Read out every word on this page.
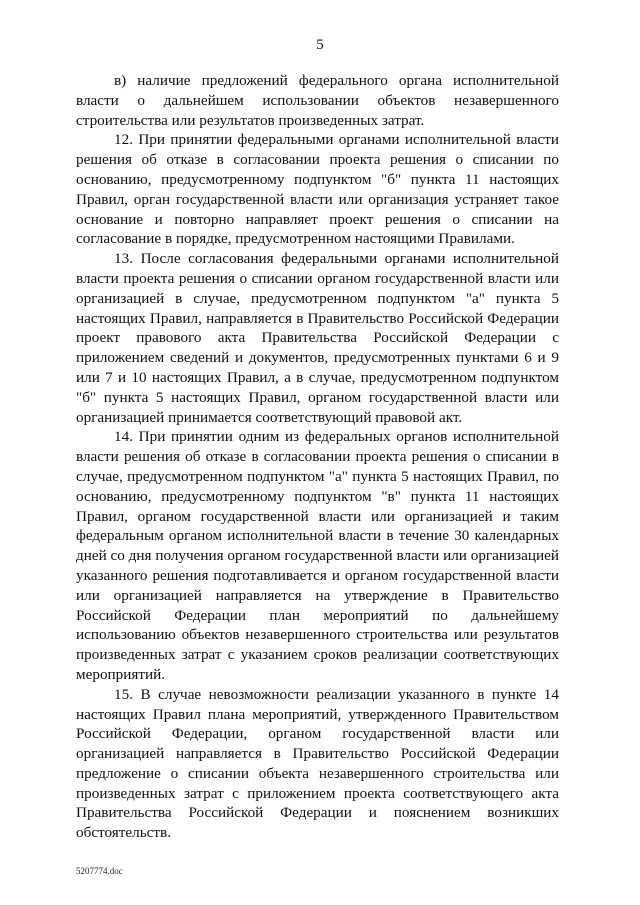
5

в) наличие предложений федерального органа исполнительной власти о дальнейшем использовании объектов незавершенного строительства или результатов произведенных затрат.

12. При принятии федеральными органами исполнительной власти решения об отказе в согласовании проекта решения о списании по основанию, предусмотренному подпунктом "б" пункта 11 настоящих Правил, орган государственной власти или организация устраняет такое основание и повторно направляет проект решения о списании на согласование в порядке, предусмотренном настоящими Правилами.

13. После согласования федеральными органами исполнительной власти проекта решения о списании органом государственной власти или организацией в случае, предусмотренном подпунктом "а" пункта 5 настоящих Правил, направляется в Правительство Российской Федерации проект правового акта Правительства Российской Федерации с приложением сведений и документов, предусмотренных пунктами 6 и 9 или 7 и 10 настоящих Правил, а в случае, предусмотренном подпунктом "б" пункта 5 настоящих Правил, органом государственной власти или организацией принимается соответствующий правовой акт.

14. При принятии одним из федеральных органов исполнительной власти решения об отказе в согласовании проекта решения о списании в случае, предусмотренном подпунктом "а" пункта 5 настоящих Правил, по основанию, предусмотренному подпунктом "в" пункта 11 настоящих Правил, органом государственной власти или организацией и таким федеральным органом исполнительной власти в течение 30 календарных дней со дня получения органом государственной власти или организацией указанного решения подготавливается и органом государственной власти или организацией направляется на утверждение в Правительство Российской Федерации план мероприятий по дальнейшему использованию объектов незавершенного строительства или результатов произведенных затрат с указанием сроков реализации соответствующих мероприятий.

15. В случае невозможности реализации указанного в пункте 14 настоящих Правил плана мероприятий, утвержденного Правительством Российской Федерации, органом государственной власти или организацией направляется в Правительство Российской Федерации предложение о списании объекта незавершенного строительства или произведенных затрат с приложением проекта соответствующего акта Правительства Российской Федерации и пояснением возникших обстоятельств.

5207774.doc
